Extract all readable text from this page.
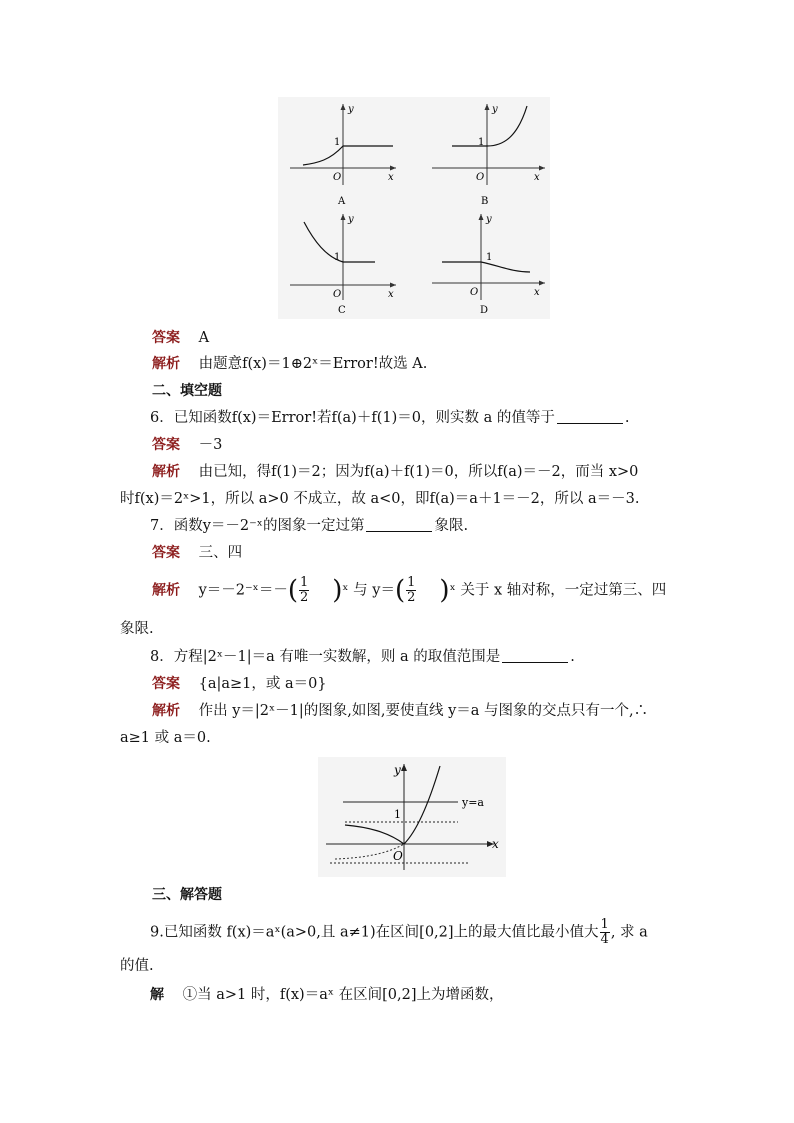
y
x
O
1
A
y
x
O
1
B
y
x
O
1
C
y
x
O
1
D
答案 A
解析 由题意f(x)＝1⊕2ˣ＝Error!故选 A.
二、填空题
6．已知函数f(x)＝Error!若f(a)＋f(1)＝0，则实数 a 的值等于	.
答案 －3
解析 由已知，得f(1)＝2；因为f(a)＋f(1)＝0，所以f(a)＝－2，而当 x>0
时f(x)＝2ˣ>1，所以 a>0 不成立，故 a<0，即f(a)＝a＋1＝－2，所以 a＝－3.
7．函数y＝－2⁻ˣ的图象一定过第	象限.
答案 三、四
解析 y＝－2⁻ˣ＝－( $\frac{1}{2}$ )ˣ 与 $y=( \frac{1}{2}$ )ˣ 关于 x 轴对称，一定过第三、四
象限.
8．方程|2ˣ－1|＝a 有唯一实数解，则 a 的取值范围是	.
答案 {a|a≥1，或 a＝0}
解析 作出 y＝|2ˣ－1|的图象,如图,要使直线 y＝a 与图象的交点只有一个,∴
a≥1 或 a＝0.
y
x
O
1
y=a
三、解答题
9.已知函数 f(x)＝aˣ(a>0,且 a≠1)在区间[0,2]上的最大值比最小值大 $\frac{1}{4}$ , 求 a
的值.
解 ①当 a>1 时，f(x)＝aˣ 在区间[0,2]上为增函数，
